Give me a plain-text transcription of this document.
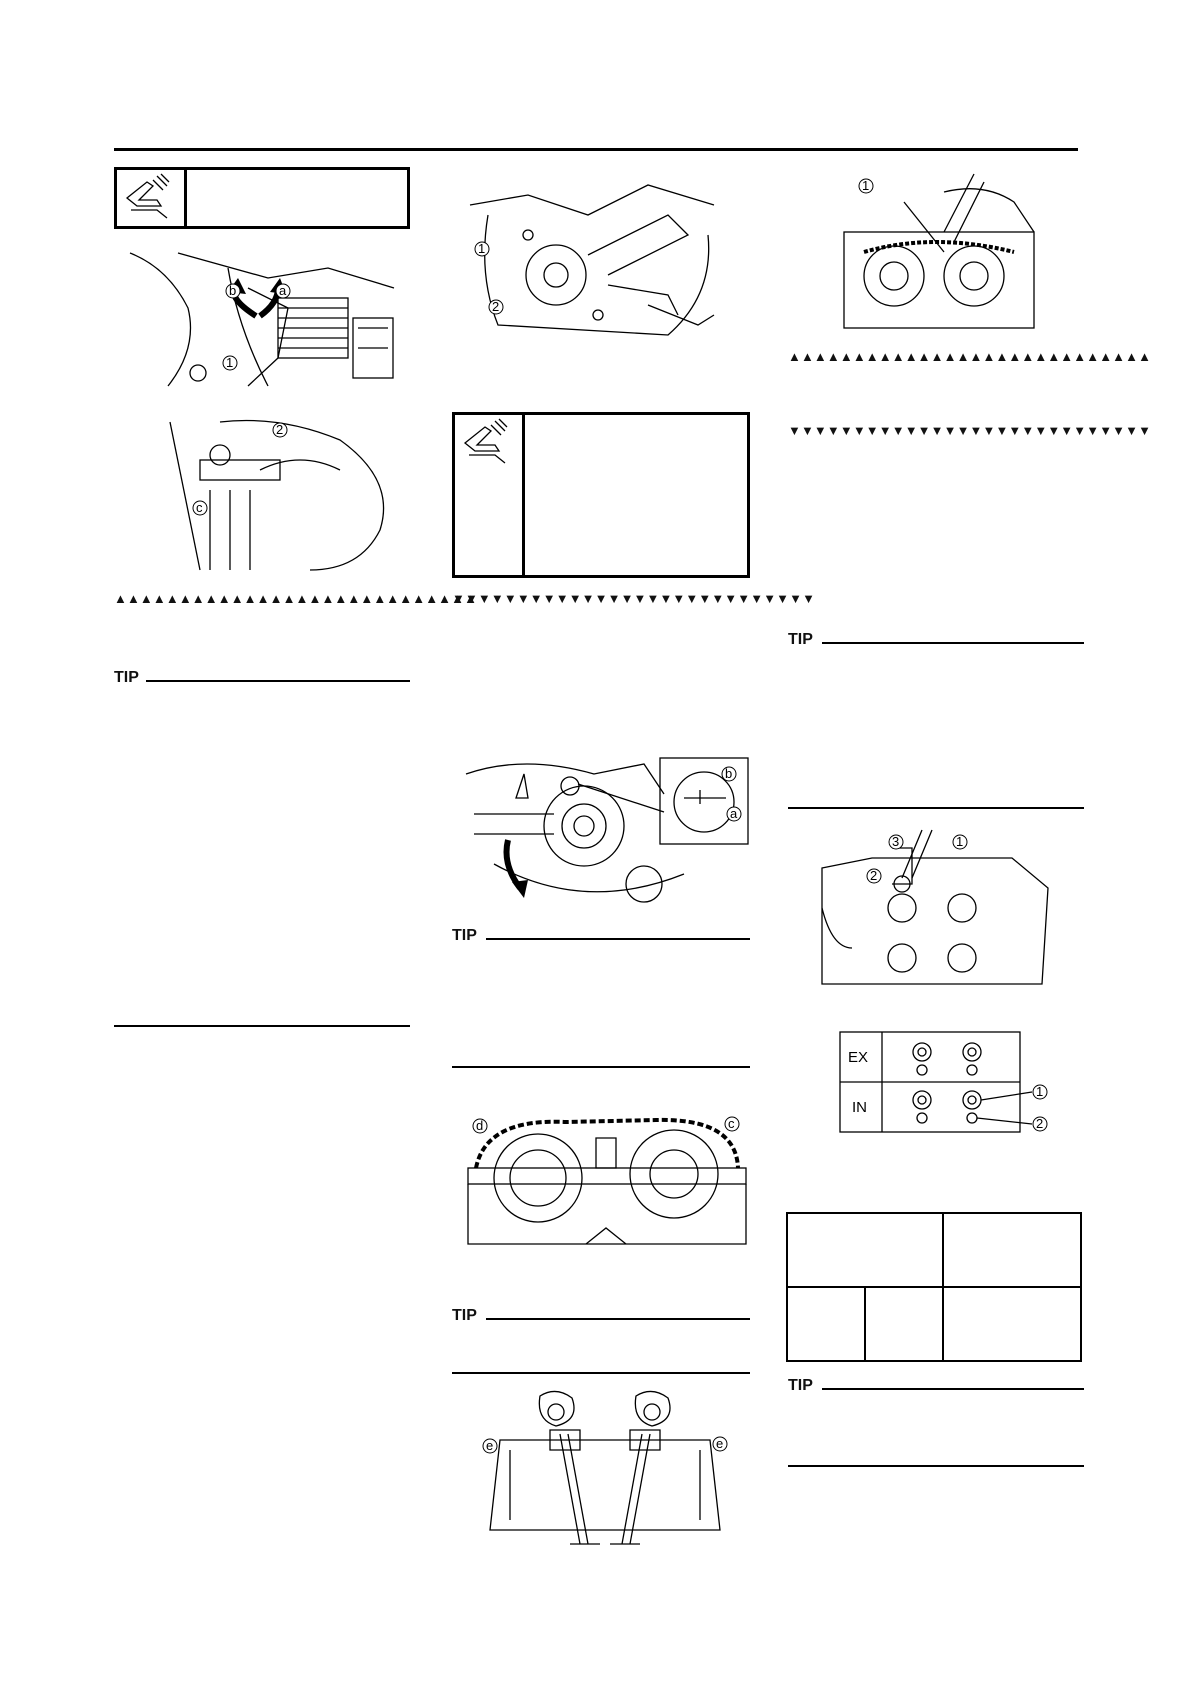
b	a
1
2
c
▲▲▲▲▲▲▲▲▲▲▲▲▲▲▲▲▲▲▲▲▲▲▲▲▲▲▲▲
TIP
1
2
▼▼▼▼▼▼▼▼▼▼▼▼▼▼▼▼▼▼▼▼▼▼▼▼▼▼▼▼
b
a
TIP
d	c
TIP
e	e
1
▲▲▲▲▲▲▲▲▲▲▲▲▲▲▲▲▲▲▲▲▲▲▲▲▲▲▲▲
▼▼▼▼▼▼▼▼▼▼▼▼▼▼▼▼▼▼▼▼▼▼▼▼▼▼▼▼
TIP
3	1
2
EX
IN
1
2

TIP
